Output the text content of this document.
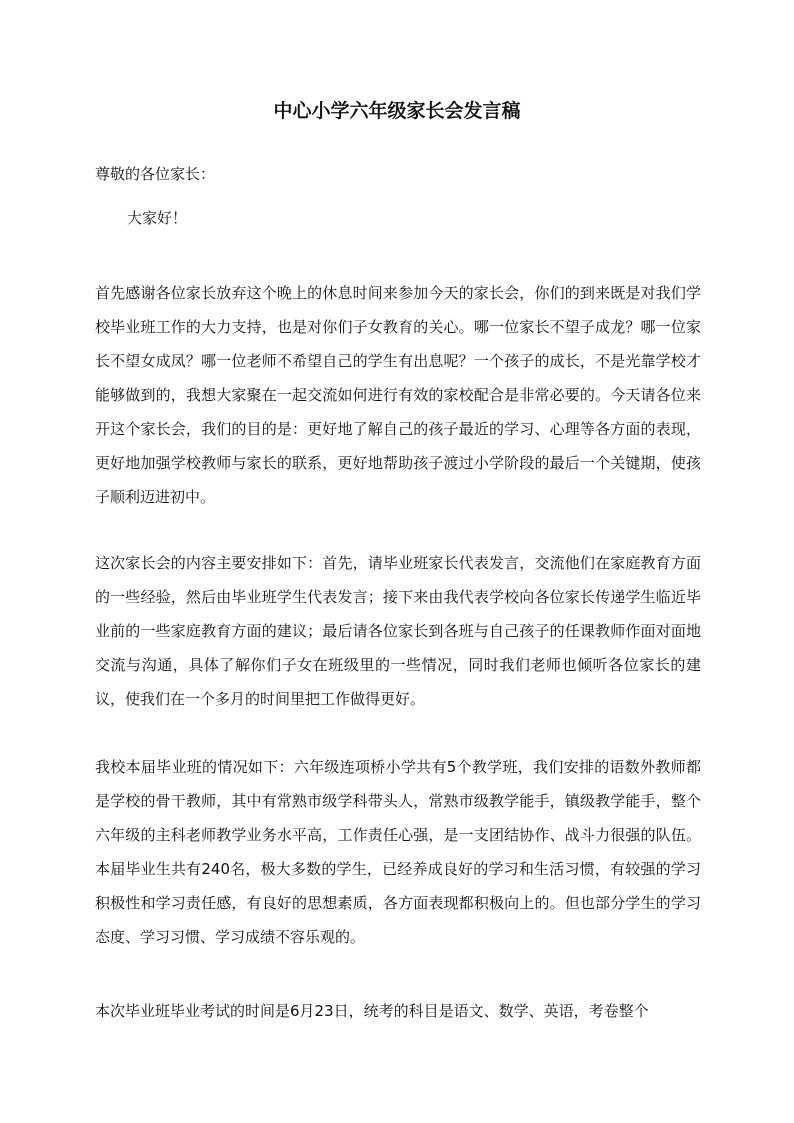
中心小学六年级家长会发言稿

尊敬的各位家长：

大家好！

首先感谢各位家长放弃这个晚上的休息时间来参加今天的家长会，你们的到来既是对我们学校毕业班工作的大力支持，也是对你们子女教育的关心。哪一位家长不望子成龙？哪一位家长不望女成凤？哪一位老师不希望自己的学生有出息呢？一个孩子的成长，不是光靠学校才能够做到的，我想大家聚在一起交流如何进行有效的家校配合是非常必要的。今天请各位来开这个家长会，我们的目的是：更好地了解自己的孩子最近的学习、心理等各方面的表现，更好地加强学校教师与家长的联系，更好地帮助孩子渡过小学阶段的最后一个关键期，使孩子顺利迈进初中。

这次家长会的内容主要安排如下：首先，请毕业班家长代表发言，交流他们在家庭教育方面的一些经验，然后由毕业班学生代表发言；接下来由我代表学校向各位家长传递学生临近毕业前的一些家庭教育方面的建议；最后请各位家长到各班与自己孩子的任课教师作面对面地交流与沟通，具体了解你们子女在班级里的一些情况，同时我们老师也倾听各位家长的建议，使我们在一个多月的时间里把工作做得更好。

我校本届毕业班的情况如下：六年级连项桥小学共有5个教学班，我们安排的语数外教师都是学校的骨干教师，其中有常熟市级学科带头人，常熟市级教学能手，镇级教学能手，整个六年级的主科老师教学业务水平高，工作责任心强，是一支团结协作、战斗力很强的队伍。本届毕业生共有240名，极大多数的学生，已经养成良好的学习和生活习惯，有较强的学习积极性和学习责任感，有良好的思想素质，各方面表现都积极向上的。但也部分学生的学习态度、学习习惯、学习成绩不容乐观的。

本次毕业班毕业考试的时间是6月23日，统考的科目是语文、数学、英语，考卷整个
